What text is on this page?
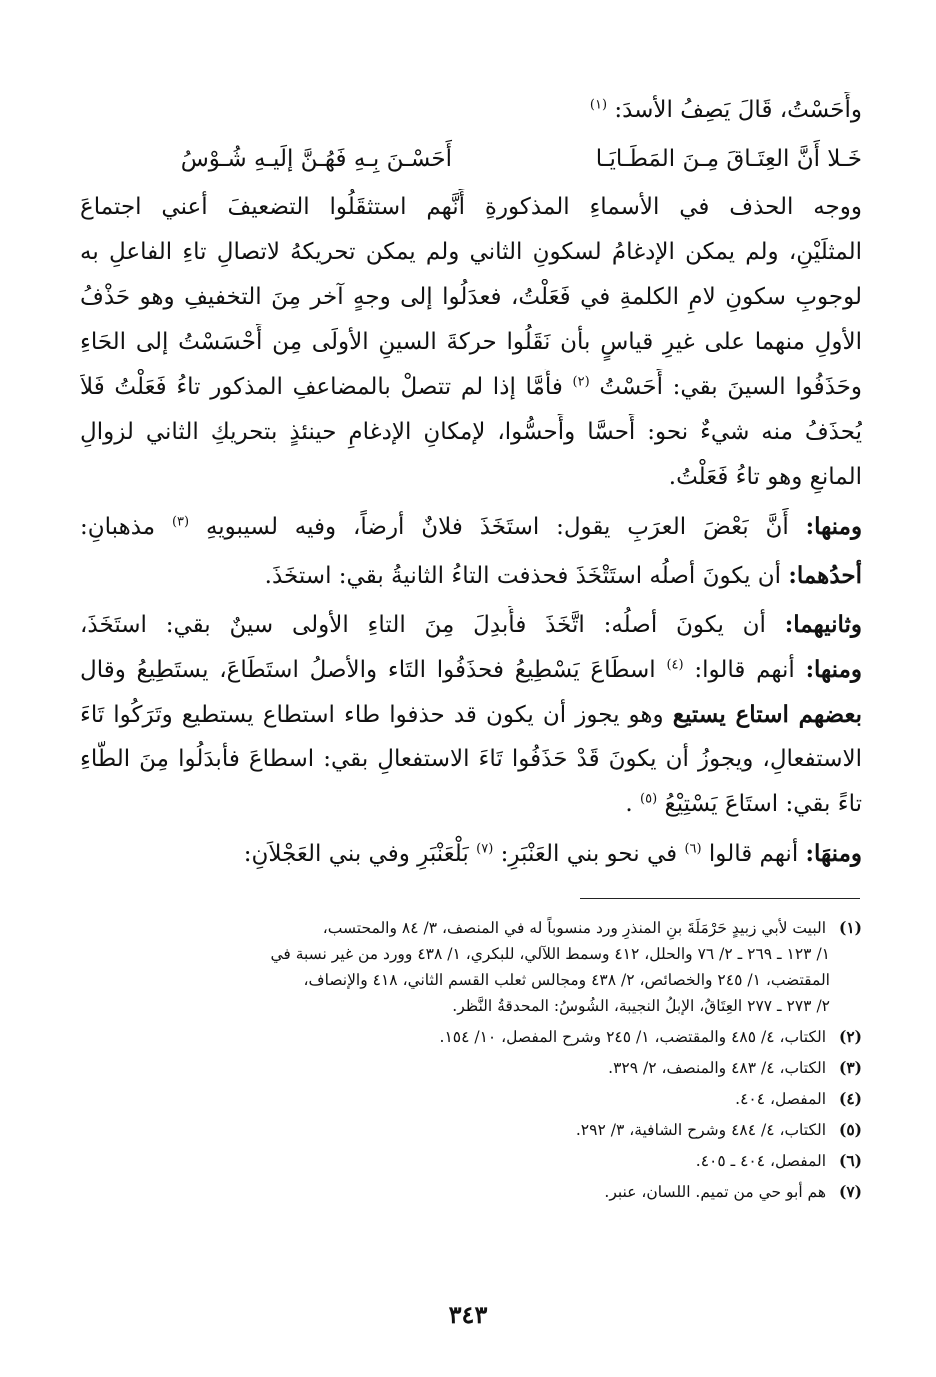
وأَحَسْتُ، قَالَ يَصِفُ الأسدَ: $^{(١)}$
خَـلا أَنَّ العِتَـاقَ مِـنَ المَطَـايَـا
أَحَسْـنَ بِـهِ فَهُـنَّ إلَيـهِ شُـوْسُ
ووجه الحذف في الأسماءِ المذكورةِ أَنَّهم استثقَلُوا التضعيفَ أعني اجتماعَ
المثلَيْنِ، ولم يمكن الإدغامُ لسكونِ الثاني ولم يمكن تحريكهُ لاتصالِ تاءِ الفاعلِ به
لوجوبِ سكونِ لامِ الكلمةِ في فَعَلْتُ، فعدَلُوا إلى وجهٍ آخر مِنَ التخفيفِ وهو حَذْفُ
الأولِ منهما على غيرِ قياسٍ بأن نَقَلُوا حركةَ السينِ الأولَى مِن أَحْسَسْتُ إلى الحَاءِ
وحَذَفُوا السينَ بقي: أَحَسْتُ $^{(٢)}$ فأَمَّا إذا لم تتصلْ بالمضاعفِ المذكور تاءُ فَعَلْتُ فَلاَ
يُحذَفُ منه شيءٌ نحو: أَحسَّا وأَحسُّوا، لإمكانِ الإدغامِ حينئذٍ بتحريكِ الثاني لزوالِ
المانعِ وهو تاءُ فَعَلْتُ.
ومنها: أَنَّ بَعْضَ العرَبِ يقول: استَخَذَ فلانٌ أرضاً، وفيه لسيبويهِ $^{(٣)}$ مذهبانِ:
أحدُهما: أن يكونَ أصلُه استَتْخَذَ فحذفت التاءُ الثانيةُ بقي: استخَذَ.
وثانيهما: أن يكونَ أصلُه: اتَّخَذَ فأُبدِلَ مِنَ التاءِ الأولى سينٌ بقي: استَخَذَ،
ومنها: أنهم قالوا: $^{(٤)}$ اسطَاعَ يَسْطِيعُ فحذَفُوا التَاء والأصلُ استَطَاعَ، يستَطِيعُ وقال
بعضهم استاع يستيع وهو يجوز أن يكون قد حذفوا طاء استطاع يستطيع وتَرَكُوا تَاءَ
الاستفعالِ، ويجوزُ أن يكونَ قَدْ حَذَفُوا تَاءَ الاستفعالِ بقي: اسطاعَ فأبدَلُوا مِنَ الطَّاءِ
تاءً بقي: استَاعَ يَسْتِيْعُ $^{(٥)}$ .
ومنهَا: أنهم قالوا $^{(٦)}$ في نحو بني العَنْبَرِ: $^{(٧)}$ بَلْعَنْبَرِ وفي بني العَجْلاَنِ:
(١) البيت لأبي زبيدٍ حَرْمَلَةَ بنِ المنذرِ ورد منسوباً له في المنصف، ٣/ ٨٤ والمحتسب،
١/ ١٢٣ ـ ٢٦٩ ـ ٢/ ٧٦ والحلل، ٤١٢ وسمط اللآلي، للبكري، ١/ ٤٣٨ وورد من غير نسبة في
المقتضب، ١/ ٢٤٥ والخصائص، ٢/ ٤٣٨ ومجالس ثعلب القسم الثاني، ٤١٨ والإنصاف،
٢/ ٢٧٣ ـ ٢٧٧ العِتَاقُ، الإبلُ النجيبة، الشُوسُ: المحدقةُ النَّظر.
(٢) الكتاب، ٤/ ٤٨٥ والمقتضب، ١/ ٢٤٥ وشرح المفصل، ١٠/ ١٥٤.
(٣) الكتاب، ٤/ ٤٨٣ والمنصف، ٢/ ٣٢٩.
(٤) المفصل، ٤٠٤.
(٥) الكتاب، ٤/ ٤٨٤ وشرح الشافية، ٣/ ٢٩٢.
(٦) المفصل، ٤٠٤ ـ ٤٠٥.
(٧) هم أبو حي من تميم. اللسان، عنبر.
٣٤٣
